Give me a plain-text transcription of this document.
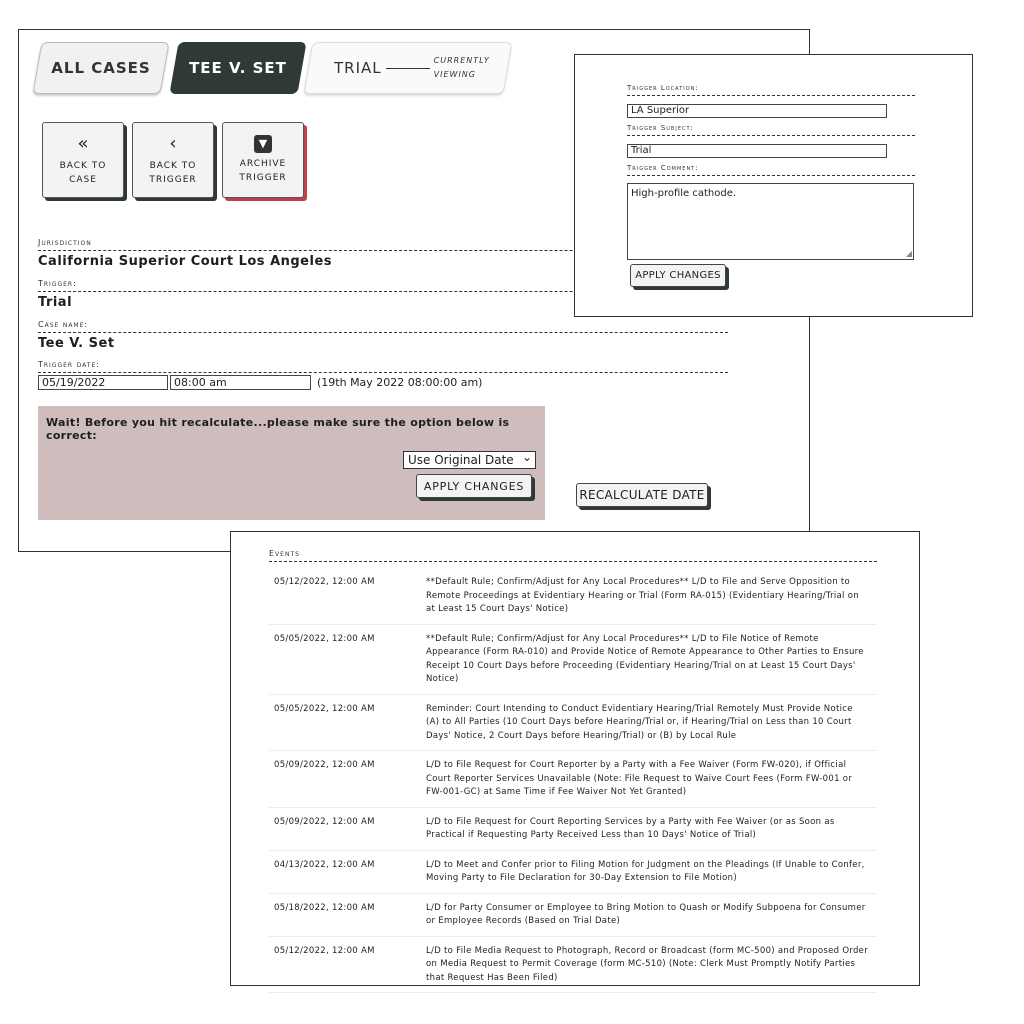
ALL CASES	TEE V. SET	TRIAL	CURRENTLY
VIEWING
«
BACK TO
CASE
‹
BACK TO
TRIGGER
▼
ARCHIVE
TRIGGER
Jurisdiction
California Superior Court Los Angeles
Trigger:
Trial
Case name:
Tee V. Set
Trigger date:
05/19/2022	08:00 am	(19th May 2022 08:00:00 am)
Wait! Before you hit recalculate...please make sure the option below is correct:
Use Original Date ⌄
APPLY CHANGES
RECALCULATE DATE
Trigger Location:
LA Superior
Trigger Subject:
Trial
Trigger Comment:
High-profile cathode.
◢
APPLY CHANGES
Events
05/12/2022, 12:00 AM	**Default Rule; Confirm/Adjust for Any Local Procedures** L/D to File and Serve Opposition to Remote Proceedings at Evidentiary Hearing or Trial (Form RA-015) (Evidentiary Hearing/Trial on at Least 15 Court Days' Notice)
05/05/2022, 12:00 AM	**Default Rule; Confirm/Adjust for Any Local Procedures** L/D to File Notice of Remote Appearance (Form RA-010) and Provide Notice of Remote Appearance to Other Parties to Ensure Receipt 10 Court Days before Proceeding (Evidentiary Hearing/Trial on at Least 15 Court Days' Notice)
05/05/2022, 12:00 AM	Reminder: Court Intending to Conduct Evidentiary Hearing/Trial Remotely Must Provide Notice (A) to All Parties (10 Court Days before Hearing/Trial or, if Hearing/Trial on Less than 10 Court Days' Notice, 2 Court Days before Hearing/Trial) or (B) by Local Rule
05/09/2022, 12:00 AM	L/D to File Request for Court Reporter by a Party with a Fee Waiver (Form FW-020), if Official Court Reporter Services Unavailable (Note: File Request to Waive Court Fees (Form FW-001 or FW-001-GC) at Same Time if Fee Waiver Not Yet Granted)
05/09/2022, 12:00 AM	L/D to File Request for Court Reporting Services by a Party with Fee Waiver (or as Soon as Practical if Requesting Party Received Less than 10 Days' Notice of Trial)
04/13/2022, 12:00 AM	L/D to Meet and Confer prior to Filing Motion for Judgment on the Pleadings (If Unable to Confer, Moving Party to File Declaration for 30-Day Extension to File Motion)
05/18/2022, 12:00 AM	L/D for Party Consumer or Employee to Bring Motion to Quash or Modify Subpoena for Consumer or Employee Records (Based on Trial Date)
05/12/2022, 12:00 AM	L/D to File Media Request to Photograph, Record or Broadcast (form MC-500) and Proposed Order on Media Request to Permit Coverage (form MC-510) (Note: Clerk Must Promptly Notify Parties that Request Has Been Filed)
